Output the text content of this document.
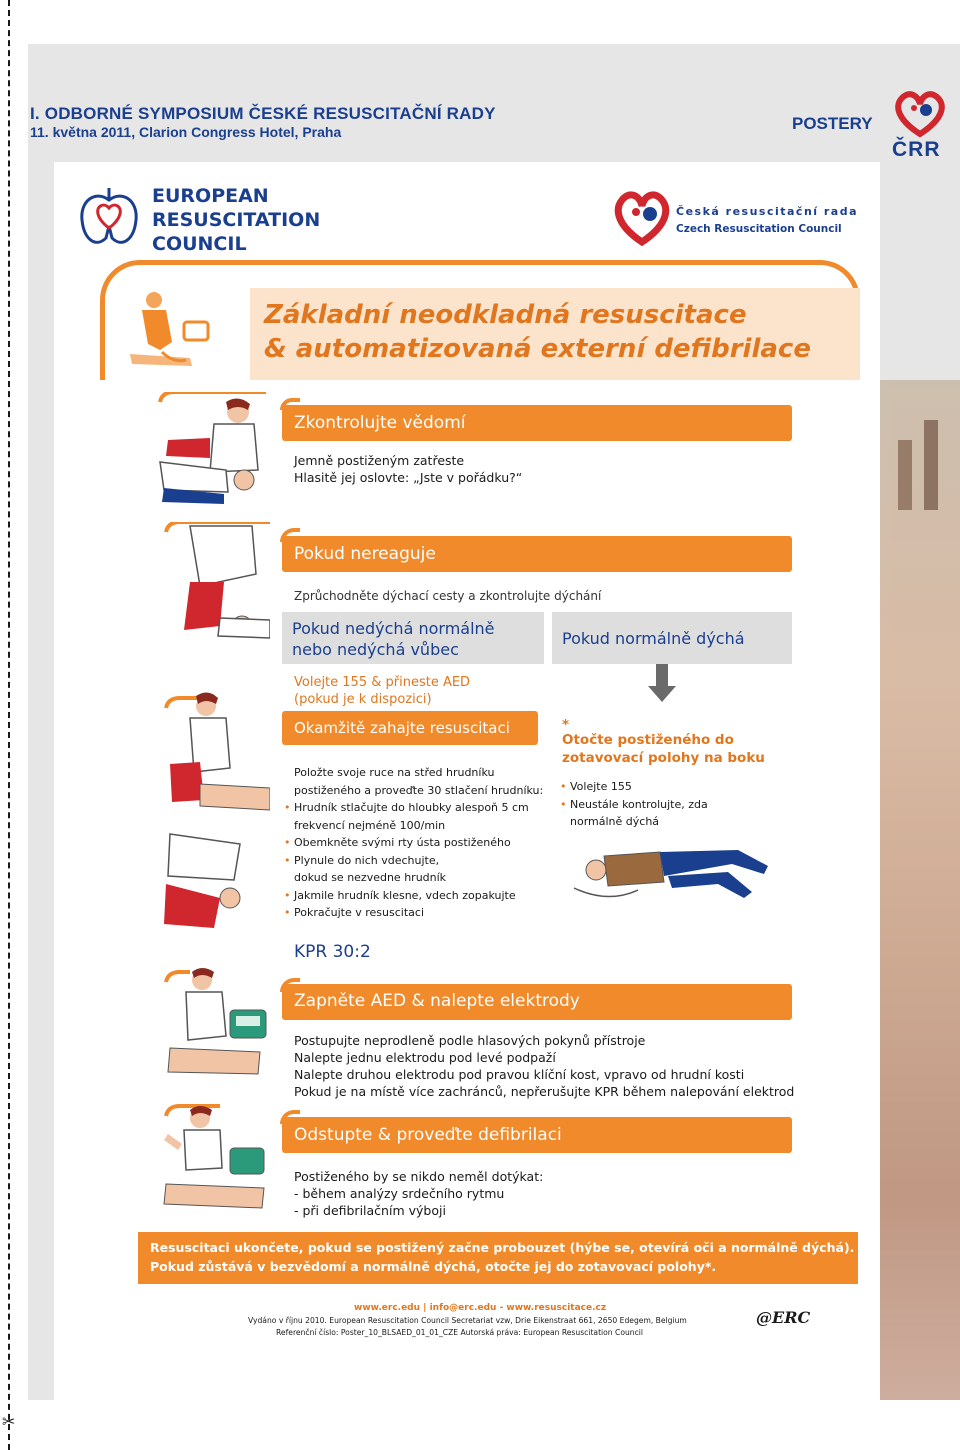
✂
I. ODBORNÉ SYMPOSIUM ČESKÉ RESUSCITAČNÍ RADY
11. května 2011, Clarion Congress Hotel, Praha	POSTERY
ČRR
EUROPEAN
RESUSCITATION
COUNCIL
Česká resuscitační rada
Czech Resuscitation Council
Základní neodkladná resuscitace
& automatizovaná externí defibrilace
Zkontrolujte vědomí
Jemně postiženým zatřeste
Hlasitě jej oslovte: „Jste v pořádku?“
Pokud nereaguje
Zprůchodněte dýchací cesty a zkontrolujte dýchání
Pokud nedýchá normálně
nebo nedýchá vůbec
Volejte 155 & přineste AED
(pokud je k dispozici)
Pokud normálně dýchá
Okamžitě zahajte resuscitaci
Položte svoje ruce na střed hrudníku
postiženého a proveďte 30 stlačení hrudníku:
• Hrudník stlačujte do hloubky alespoň 5 cm
frekvencí nejméně 100/min
• Obemkněte svými rty ústa postiženého
• Plynule do nich vdechujte,
dokud se nezvedne hrudník
• Jakmile hrudník klesne, vdech zopakujte
• Pokračujte v resuscitaci
*
Otočte postiženého do
zotavovací polohy na boku
• Volejte 155
• Neustále kontrolujte, zda
normálně dýchá
KPR 30:2
Zapněte AED & nalepte elektrody
Postupujte neprodleně podle hlasových pokynů přístroje
Nalepte jednu elektrodu pod levé podpaží
Nalepte druhou elektrodu pod pravou klíční kost, vpravo od hrudní kosti
Pokud je na místě více zachránců, nepřerušujte KPR během nalepování elektrod
Odstupte & proveďte defibrilaci
Postiženého by se nikdo neměl dotýkat:
- během analýzy srdečního rytmu
- při defibrilačním výboji
Resuscitaci ukončete, pokud se postižený začne probouzet (hýbe se, otevírá oči a normálně dýchá).
Pokud zůstává v bezvědomí a normálně dýchá, otočte jej do zotavovací polohy*.
www.erc.edu | info@erc.edu - www.resuscitace.cz
Vydáno v říjnu 2010. European Resuscitation Council Secretariat vzw, Drie Eikenstraat 661, 2650 Edegem, Belgium
Referenční číslo: Poster_10_BLSAED_01_01_CZE Autorská práva: European Resuscitation Council
@ERC
